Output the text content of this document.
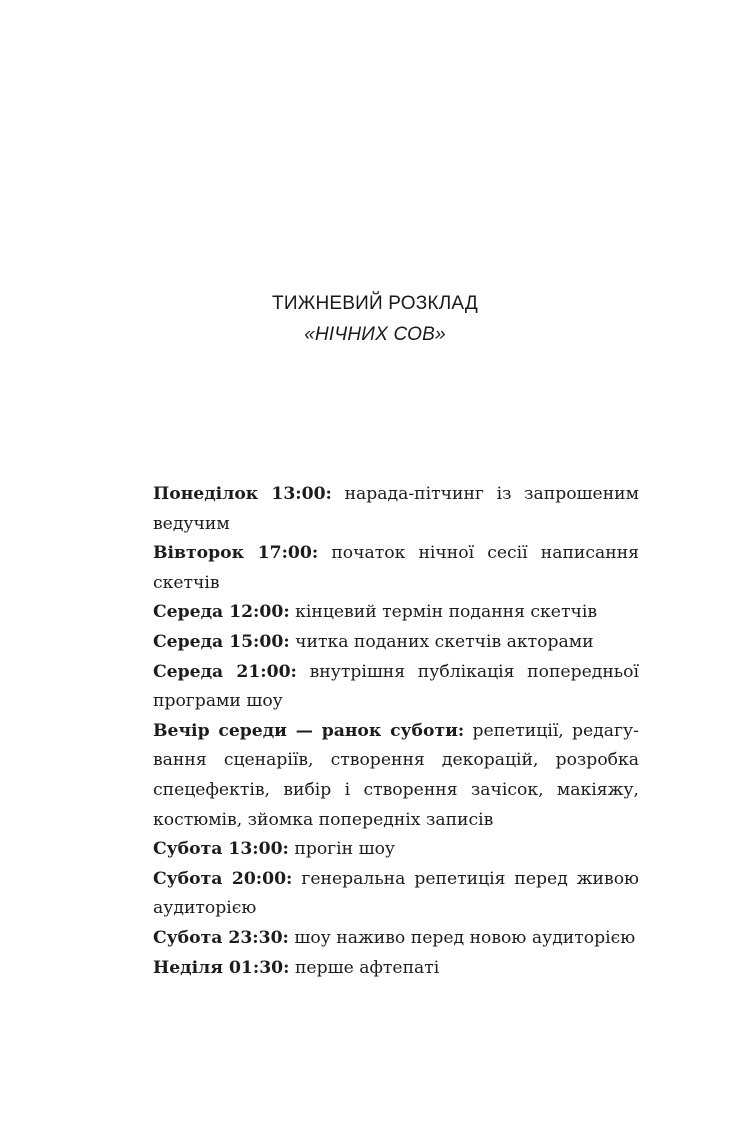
ТИЖНЕВИЙ РОЗКЛАД
«НІЧНИХ СОВ»

Понеділок 13:00: нарада-пітчинг із запрошеним ведучим

Вівторок 17:00: початок нічної сесії написання скетчів

Середа 12:00: кінцевий термін подання скетчів

Середа 15:00: читка поданих скетчів акторами

Середа 21:00: внутрішня публікація попередньої програми шоу

Вечір середи — ранок суботи: репетиції, редагування сценаріїв, створення декорацій, розробка спецефектів, вибір і створення зачісок, макіяжу, костюмів, зйомка попередніх записів

Субота 13:00: прогін шоу

Субота 20:00: генеральна репетиція перед живою аудиторією

Субота 23:30: шоу наживо перед новою аудиторією

Неділя 01:30: перше афтепаті
